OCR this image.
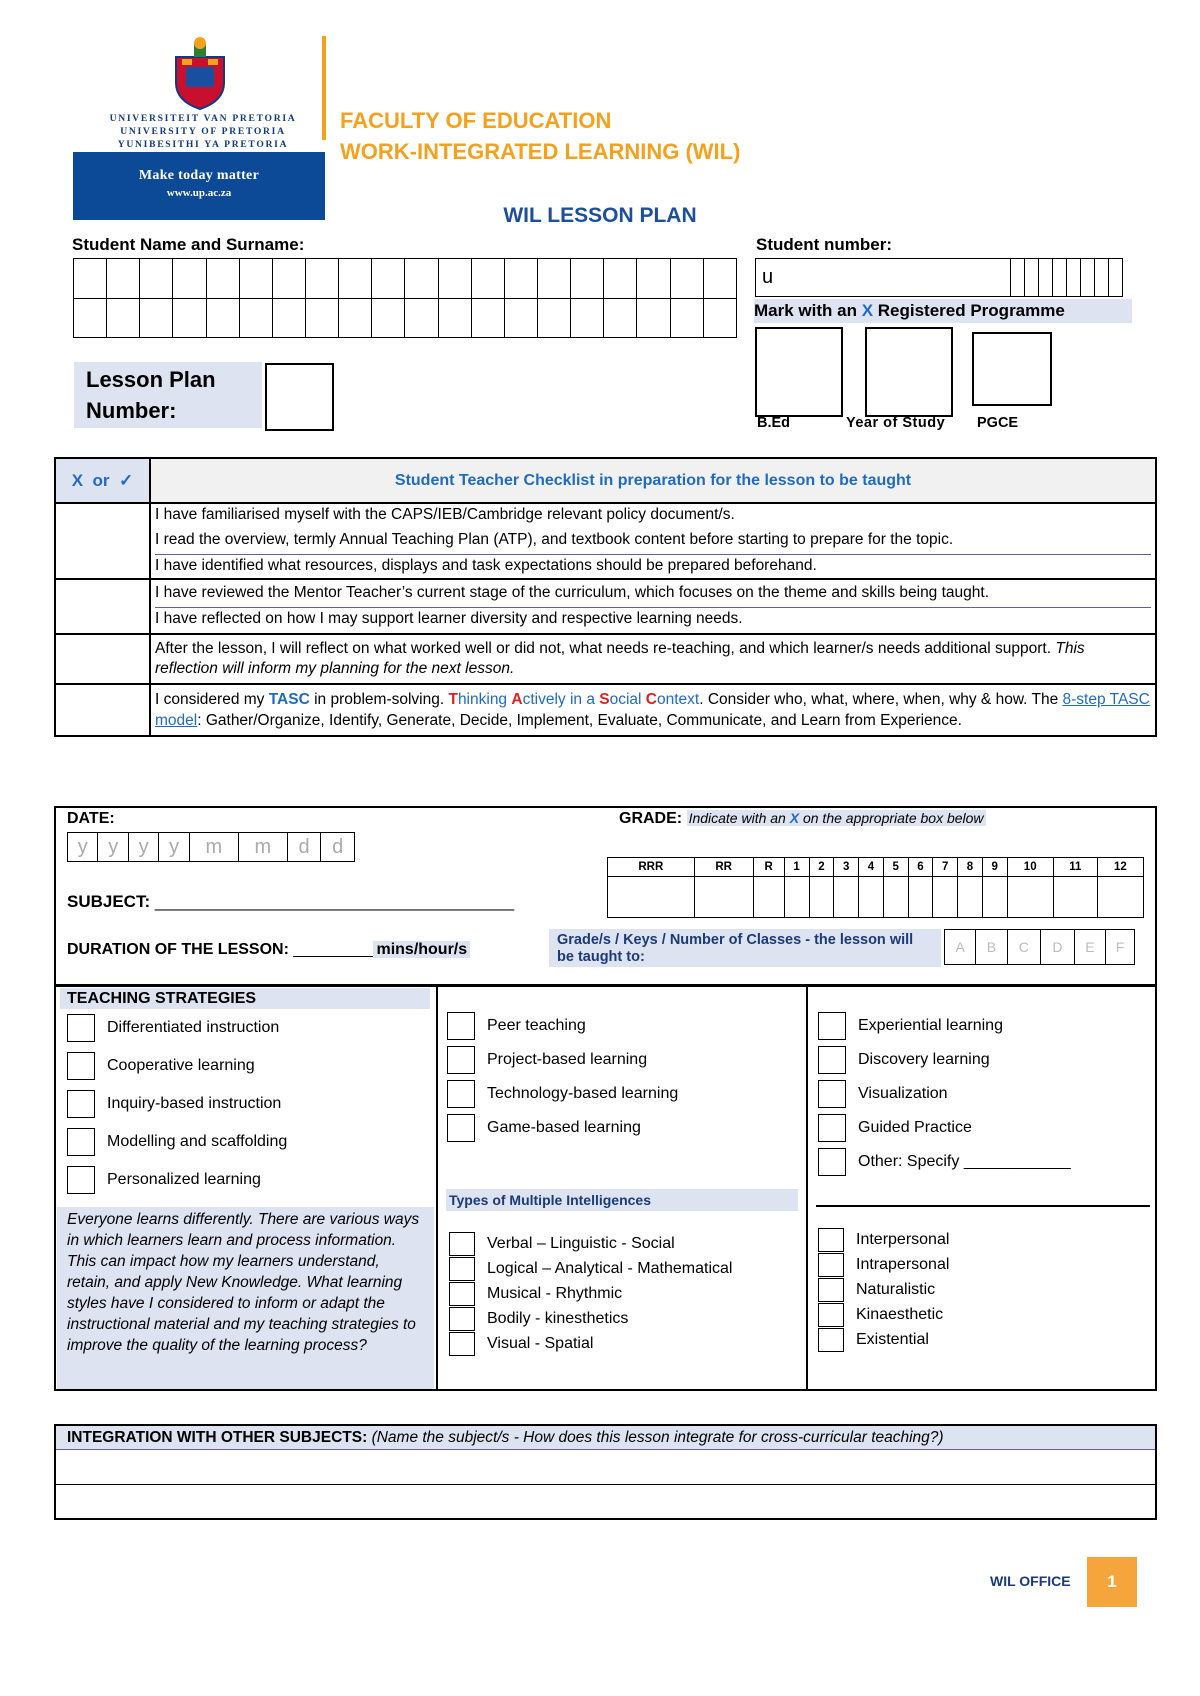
UNIVERSITEIT VAN PRETORIA
UNIVERSITY OF PRETORIA
YUNIBESITHI YA PRETORIA
Make today matter
www.up.ac.za
FACULTY OF EDUCATION
WORK-INTEGRATED LEARNING (WIL)
WIL LESSON PLAN
Student Name and Surname:

																				Student number:
u								
Mark with an X Registered Programme
B.Ed	Year of Study PGCE
Lesson Plan Number:
X or ✓	Student Teacher Checklist in preparation for the lesson to be taught

	I have familiarised myself with the CAPS/IEB/Cambridge relevant policy document/s.
I read the overview, termly Annual Teaching Plan (ATP), and textbook content before starting to prepare for the topic.
I have identified what resources, displays and task expectations should be prepared beforehand.

	I have reviewed the Mentor Teacher’s current stage of the curriculum, which focuses on the theme and skills being taught.
I have reflected on how I may support learner diversity and respective learning needs.

	After the lesson, I will reflect on what worked well or did not, what needs re-teaching, and which learner/s needs additional support. This reflection will inform my planning for the next lesson.
	I considered my TASC in problem-solving. Thinking Actively in a Social Context. Consider who, what, where, when, why & how. The 8-step TASC model: Gather/Organize, Identify, Generate, Decide, Implement, Evaluate, Communicate, and Learn from Experience.
DATE:
y	y	y	y	m	m	d	d
GRADE: Indicate with an X on the appropriate box below
RRR	RR	R	1	2	3	4	5	6	7	8	9	10	11	12

SUBJECT: ______________________________________
DURATION OF THE LESSON: _________ mins/hour/s
Grade/s / Keys / Number of Classes - the lesson will be taught to:
A	B	C	D	E	F
TEACHING STRATEGIES
Differentiated instruction
Cooperative learning
Inquiry-based instruction
Modelling and scaffolding
Personalized learning
Peer teaching
Project-based learning
Technology-based learning
Game-based learning
Experiential learning
Discovery learning
Visualization
Guided Practice
Other: Specify ____________
Everyone learns differently. There are various ways in which learners learn and process information. This can impact how my learners understand, retain, and apply New Knowledge. What learning styles have I considered to inform or adapt the instructional material and my teaching strategies to improve the quality of the learning process?
Types of Multiple Intelligences
Verbal – Linguistic - Social
Logical – Analytical - Mathematical
Musical - Rhythmic
Bodily - kinesthetics
Visual - Spatial
Interpersonal
Intrapersonal
Naturalistic
Kinaesthetic
Existential
INTEGRATION WITH OTHER SUBJECTS: (Name the subject/s - How does this lesson integrate for cross-curricular teaching?)
WIL OFFICE	1
